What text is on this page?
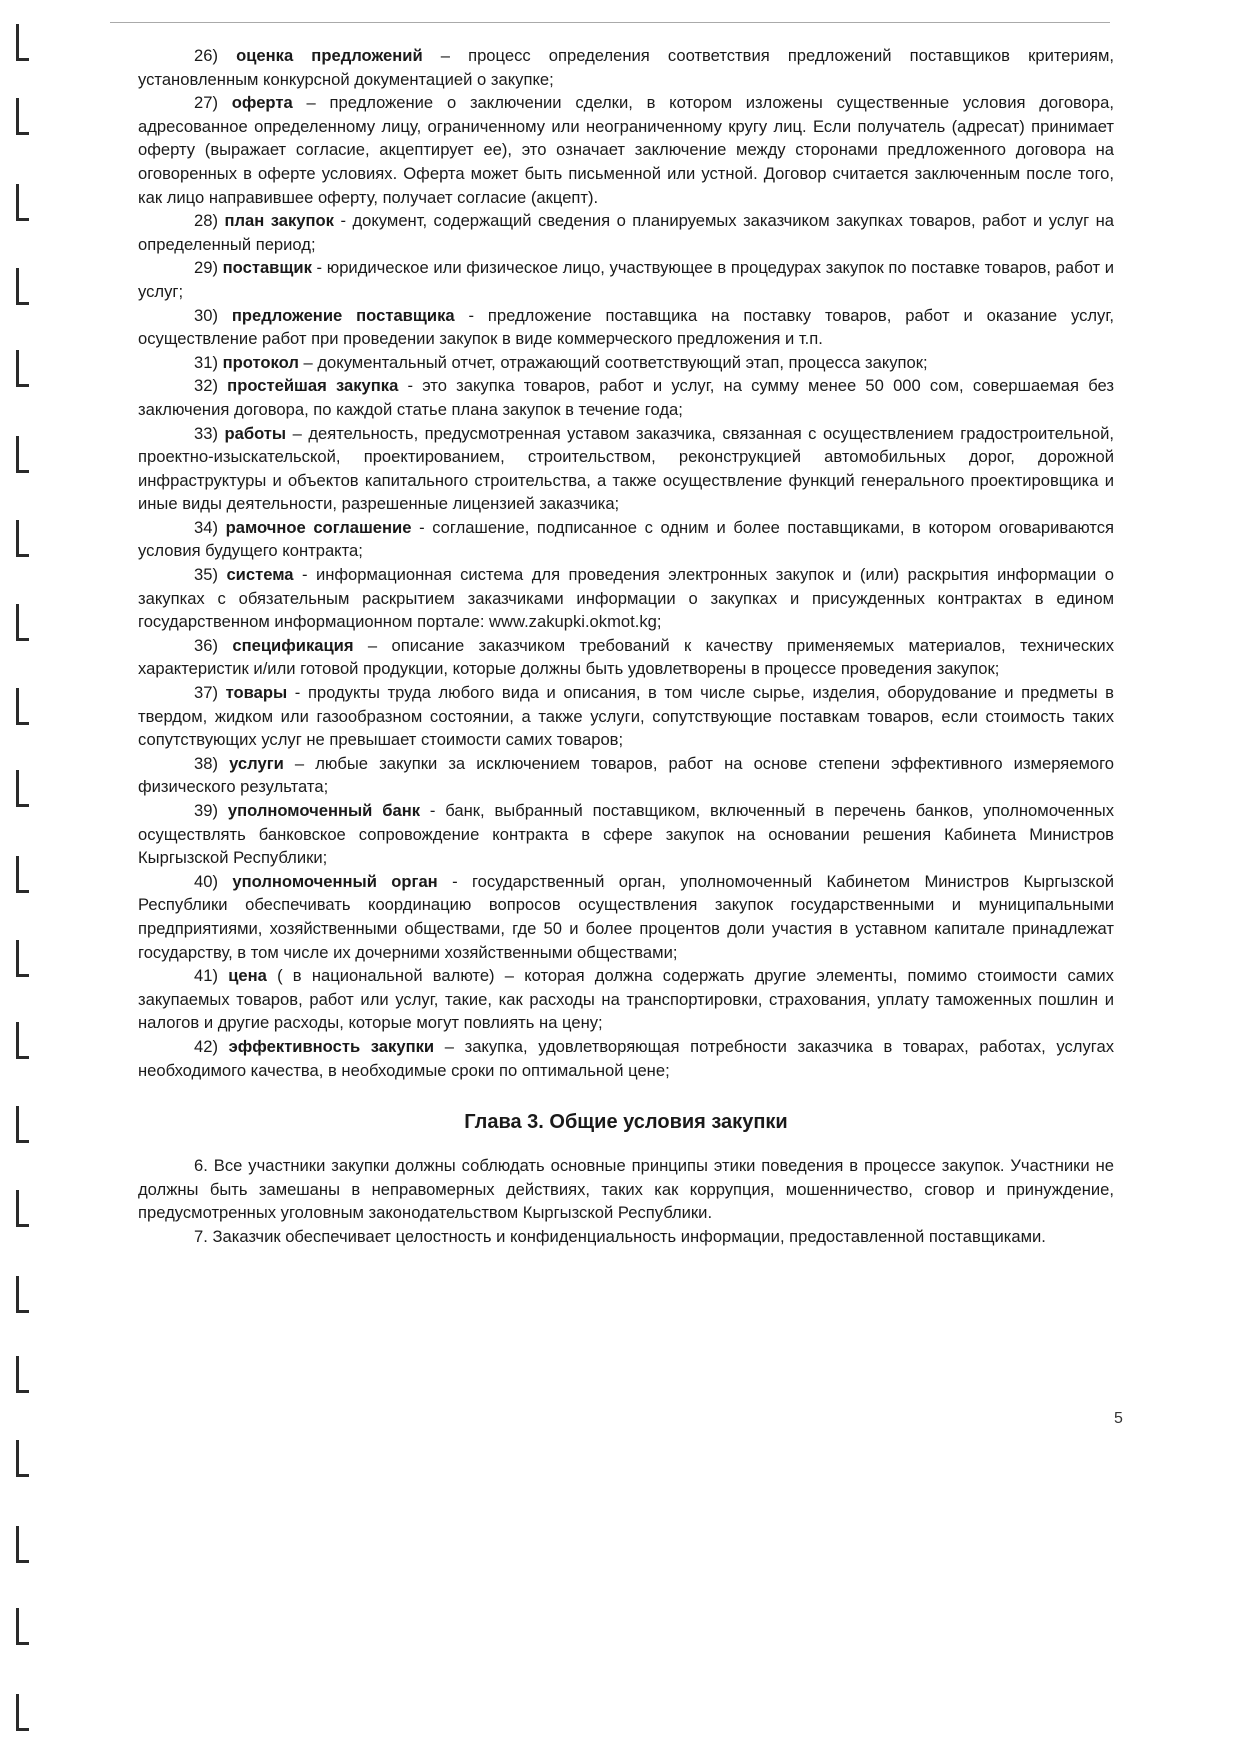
26) оценка предложений – процесс определения соответствия предложений поставщиков критериям, установленным конкурсной документацией о закупке;

27) оферта – предложение о заключении сделки, в котором изложены существенные условия договора, адресованное определенному лицу, ограниченному или неограниченному кругу лиц. Если получатель (адресат) принимает оферту (выражает согласие, акцептирует ее), это означает заключение между сторонами предложенного договора на оговоренных в оферте условиях. Оферта может быть письменной или устной. Договор считается заключенным после того, как лицо направившее оферту, получает согласие (акцепт).

28) план закупок - документ, содержащий сведения о планируемых заказчиком закупках товаров, работ и услуг на определенный период;

29) поставщик - юридическое или физическое лицо, участвующее в процедурах закупок по поставке товаров, работ и услуг;

30) предложение поставщика - предложение поставщика на поставку товаров, работ и оказание услуг, осуществление работ при проведении закупок в виде коммерческого предложения и т.п.

31) протокол – документальный отчет, отражающий соответствующий этап, процесса закупок;

32) простейшая закупка - это закупка товаров, работ и услуг, на сумму менее 50 000 сом, совершаемая без заключения договора, по каждой статье плана закупок в течение года;

33) работы – деятельность, предусмотренная уставом заказчика, связанная с осуществлением градостроительной, проектно-изыскательской, проектированием, строительством, реконструкцией автомобильных дорог, дорожной инфраструктуры и объектов капитального строительства, а также осуществление функций генерального проектировщика и иные виды деятельности, разрешенные лицензией заказчика;

34) рамочное соглашение - соглашение, подписанное с одним и более поставщиками, в котором оговариваются условия будущего контракта;

35) система - информационная система для проведения электронных закупок и (или) раскрытия информации о закупках с обязательным раскрытием заказчиками информации о закупках и присужденных контрактах в едином государственном информационном портале: www.zakupki.okmot.kg;

36) спецификация – описание заказчиком требований к качеству применяемых материалов, технических характеристик и/или готовой продукции, которые должны быть удовлетворены в процессе проведения закупок;

37) товары - продукты труда любого вида и описания, в том числе сырье, изделия, оборудование и предметы в твердом, жидком или газообразном состоянии, а также услуги, сопутствующие поставкам товаров, если стоимость таких сопутствующих услуг не превышает стоимости самих товаров;

38) услуги – любые закупки за исключением товаров, работ на основе степени эффективного измеряемого физического результата;

39) уполномоченный банк - банк, выбранный поставщиком, включенный в перечень банков, уполномоченных осуществлять банковское сопровождение контракта в сфере закупок на основании решения Кабинета Министров Кыргызской Республики;

40) уполномоченный орган - государственный орган, уполномоченный Кабинетом Министров Кыргызской Республики обеспечивать координацию вопросов осуществления закупок государственными и муниципальными предприятиями, хозяйственными обществами, где 50 и более процентов доли участия в уставном капитале принадлежат государству, в том числе их дочерними хозяйственными обществами;

41) цена ( в национальной валюте) – которая должна содержать другие элементы, помимо стоимости самих закупаемых товаров, работ или услуг, такие, как расходы на транспортировки, страхования, уплату таможенных пошлин и налогов и другие расходы, которые могут повлиять на цену;

42) эффективность закупки – закупка, удовлетворяющая потребности заказчика в товарах, работах, услугах необходимого качества, в необходимые сроки по оптимальной цене;

Глава 3. Общие условия закупки

6. Все участники закупки должны соблюдать основные принципы этики поведения в процессе закупок. Участники не должны быть замешаны в неправомерных действиях, таких как коррупция, мошенничество, сговор и принуждение, предусмотренных уголовным законодательством Кыргызской Республики.

7. Заказчик обеспечивает целостность и конфиденциальность информации, предоставленной поставщиками.

5
